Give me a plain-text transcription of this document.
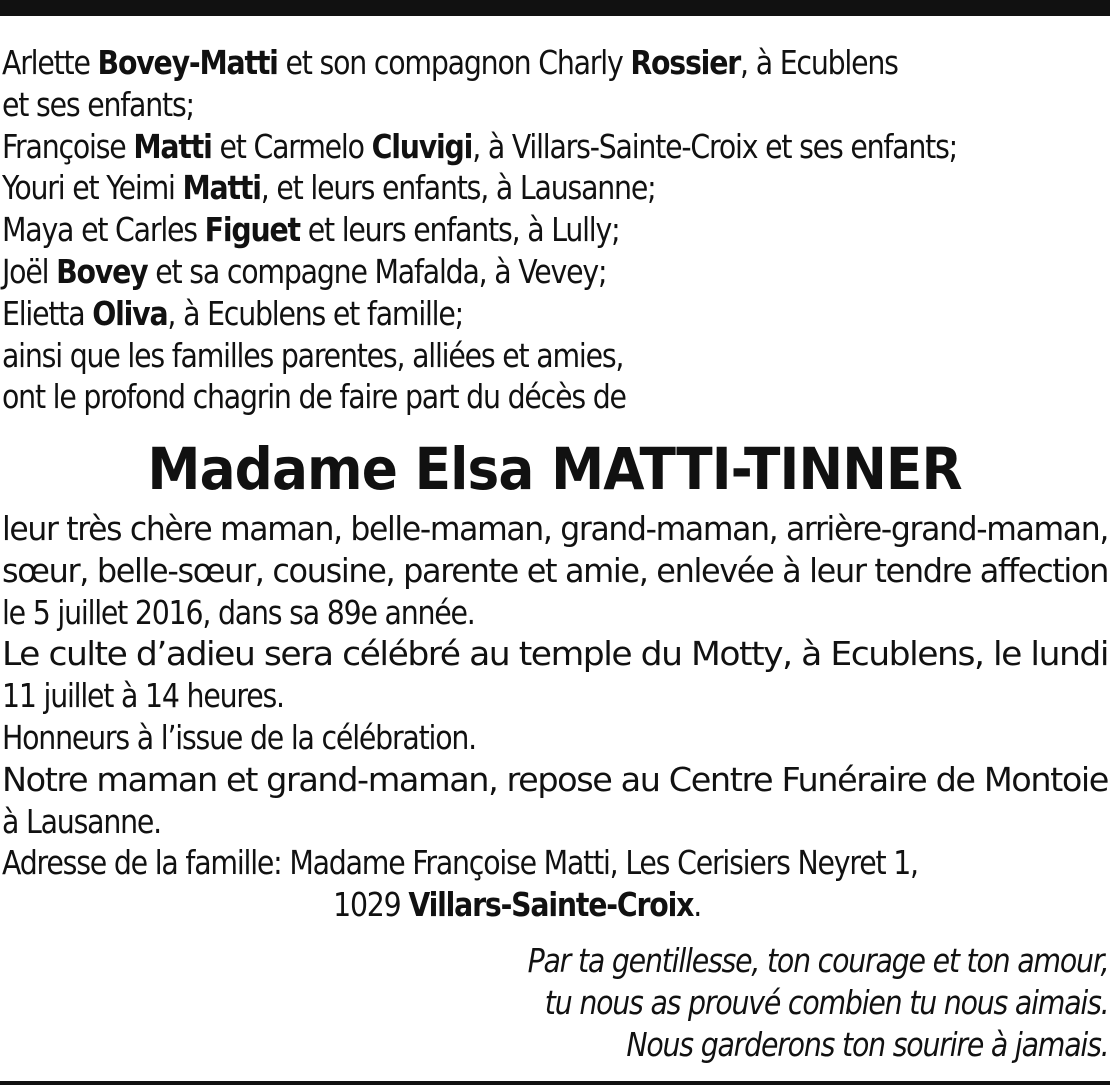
Arlette Bovey-Matti et son compagnon Charly Rossier, à Ecublens
et ses enfants;
Françoise Matti et Carmelo Cluvigi, à Villars-Sainte-Croix et ses enfants;
Youri et Yeimi Matti, et leurs enfants, à Lausanne;
Maya et Carles Figuet et leurs enfants, à Lully;
Joël Bovey et sa compagne Mafalda, à Vevey;
Elietta Oliva, à Ecublens et famille;
ainsi que les familles parentes, alliées et amies,
ont le profond chagrin de faire part du décès de
Madame Elsa MATTI-TINNER
leur très chère maman, belle-maman, grand-maman, arrière-grand-maman,
sœur, belle-sœur, cousine, parente et amie, enlevée à leur tendre affection
le 5 juillet 2016, dans sa 89e année.
Le culte d’adieu sera célébré au temple du Motty, à Ecublens, le lundi
11 juillet à 14 heures.
Honneurs à l’issue de la célébration.
Notre maman et grand-maman, repose au Centre Funéraire de Montoie
à Lausanne.
Adresse de la famille: Madame Françoise Matti, Les Cerisiers Neyret 1,
1029 Villars-Sainte-Croix.
Par ta gentillesse, ton courage et ton amour,
tu nous as prouvé combien tu nous aimais.
Nous garderons ton sourire à jamais.
